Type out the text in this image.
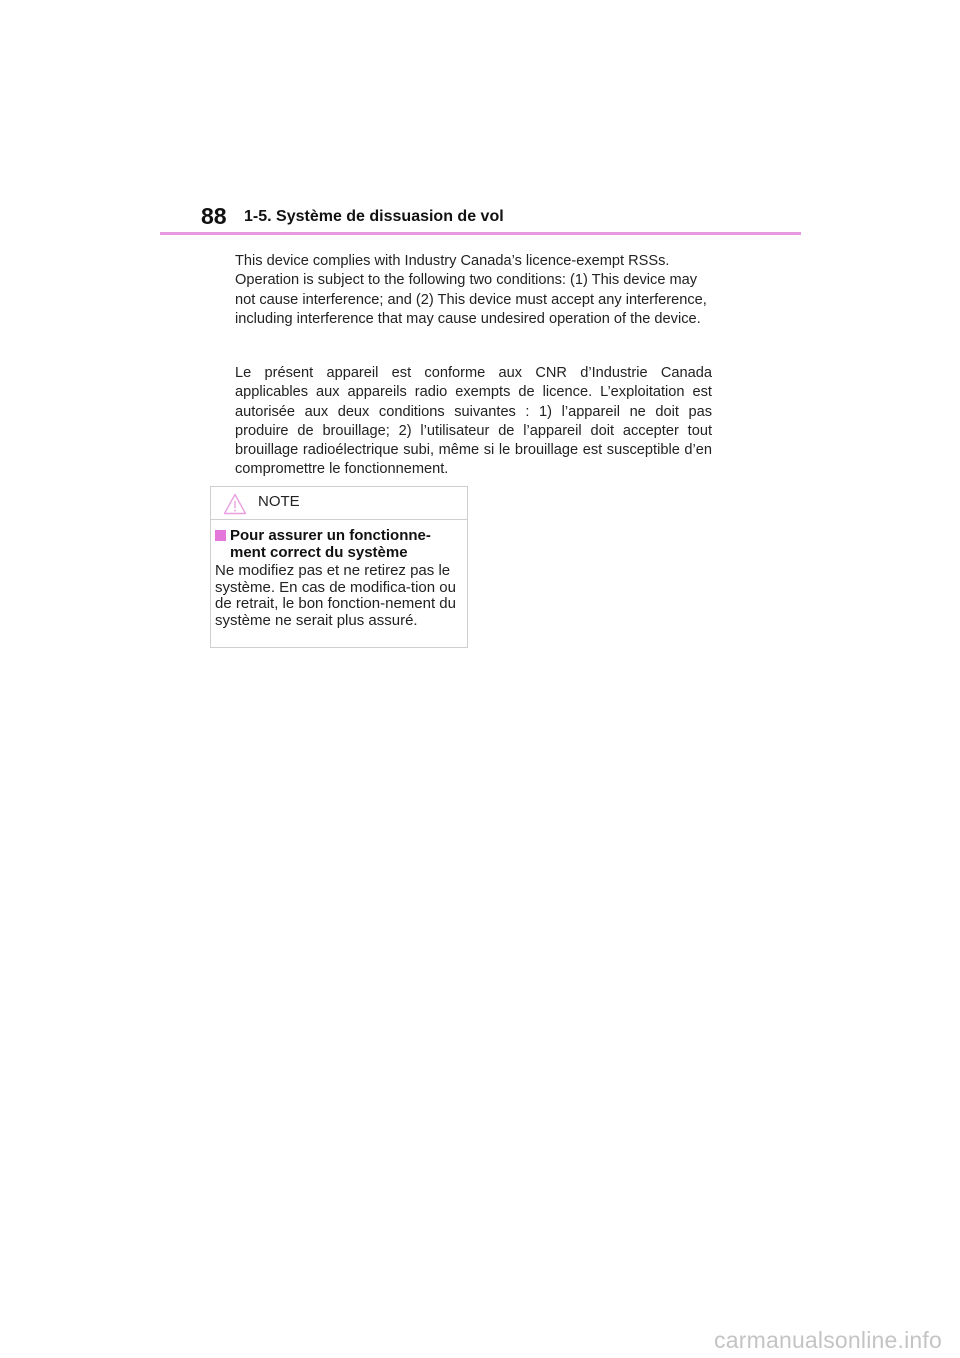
88 1-5. Système de dissuasion de vol

This device complies with Industry Canada’s licence-exempt RSSs. Operation is subject to the following two conditions: (1) This device may not cause interference; and (2) This device must accept any interference, including interference that may cause undesired operation of the device.

Le présent appareil est conforme aux CNR d’Industrie Canada applicables aux appareils radio exempts de licence. L’exploitation est autorisée aux deux conditions suivantes : 1) l’appareil ne doit pas produire de brouillage; 2) l’utilisateur de l’appareil doit accepter tout brouillage radioélectrique subi, même si le brouillage est susceptible d’en compromettre le fonctionnement.

NOTE
Pour assurer un fonctionne-ment correct du système

Ne modifiez pas et ne retirez pas le système. En cas de modifica-tion ou de retrait, le bon fonction-nement du système ne serait plus assuré.

carmanualsonline.info
